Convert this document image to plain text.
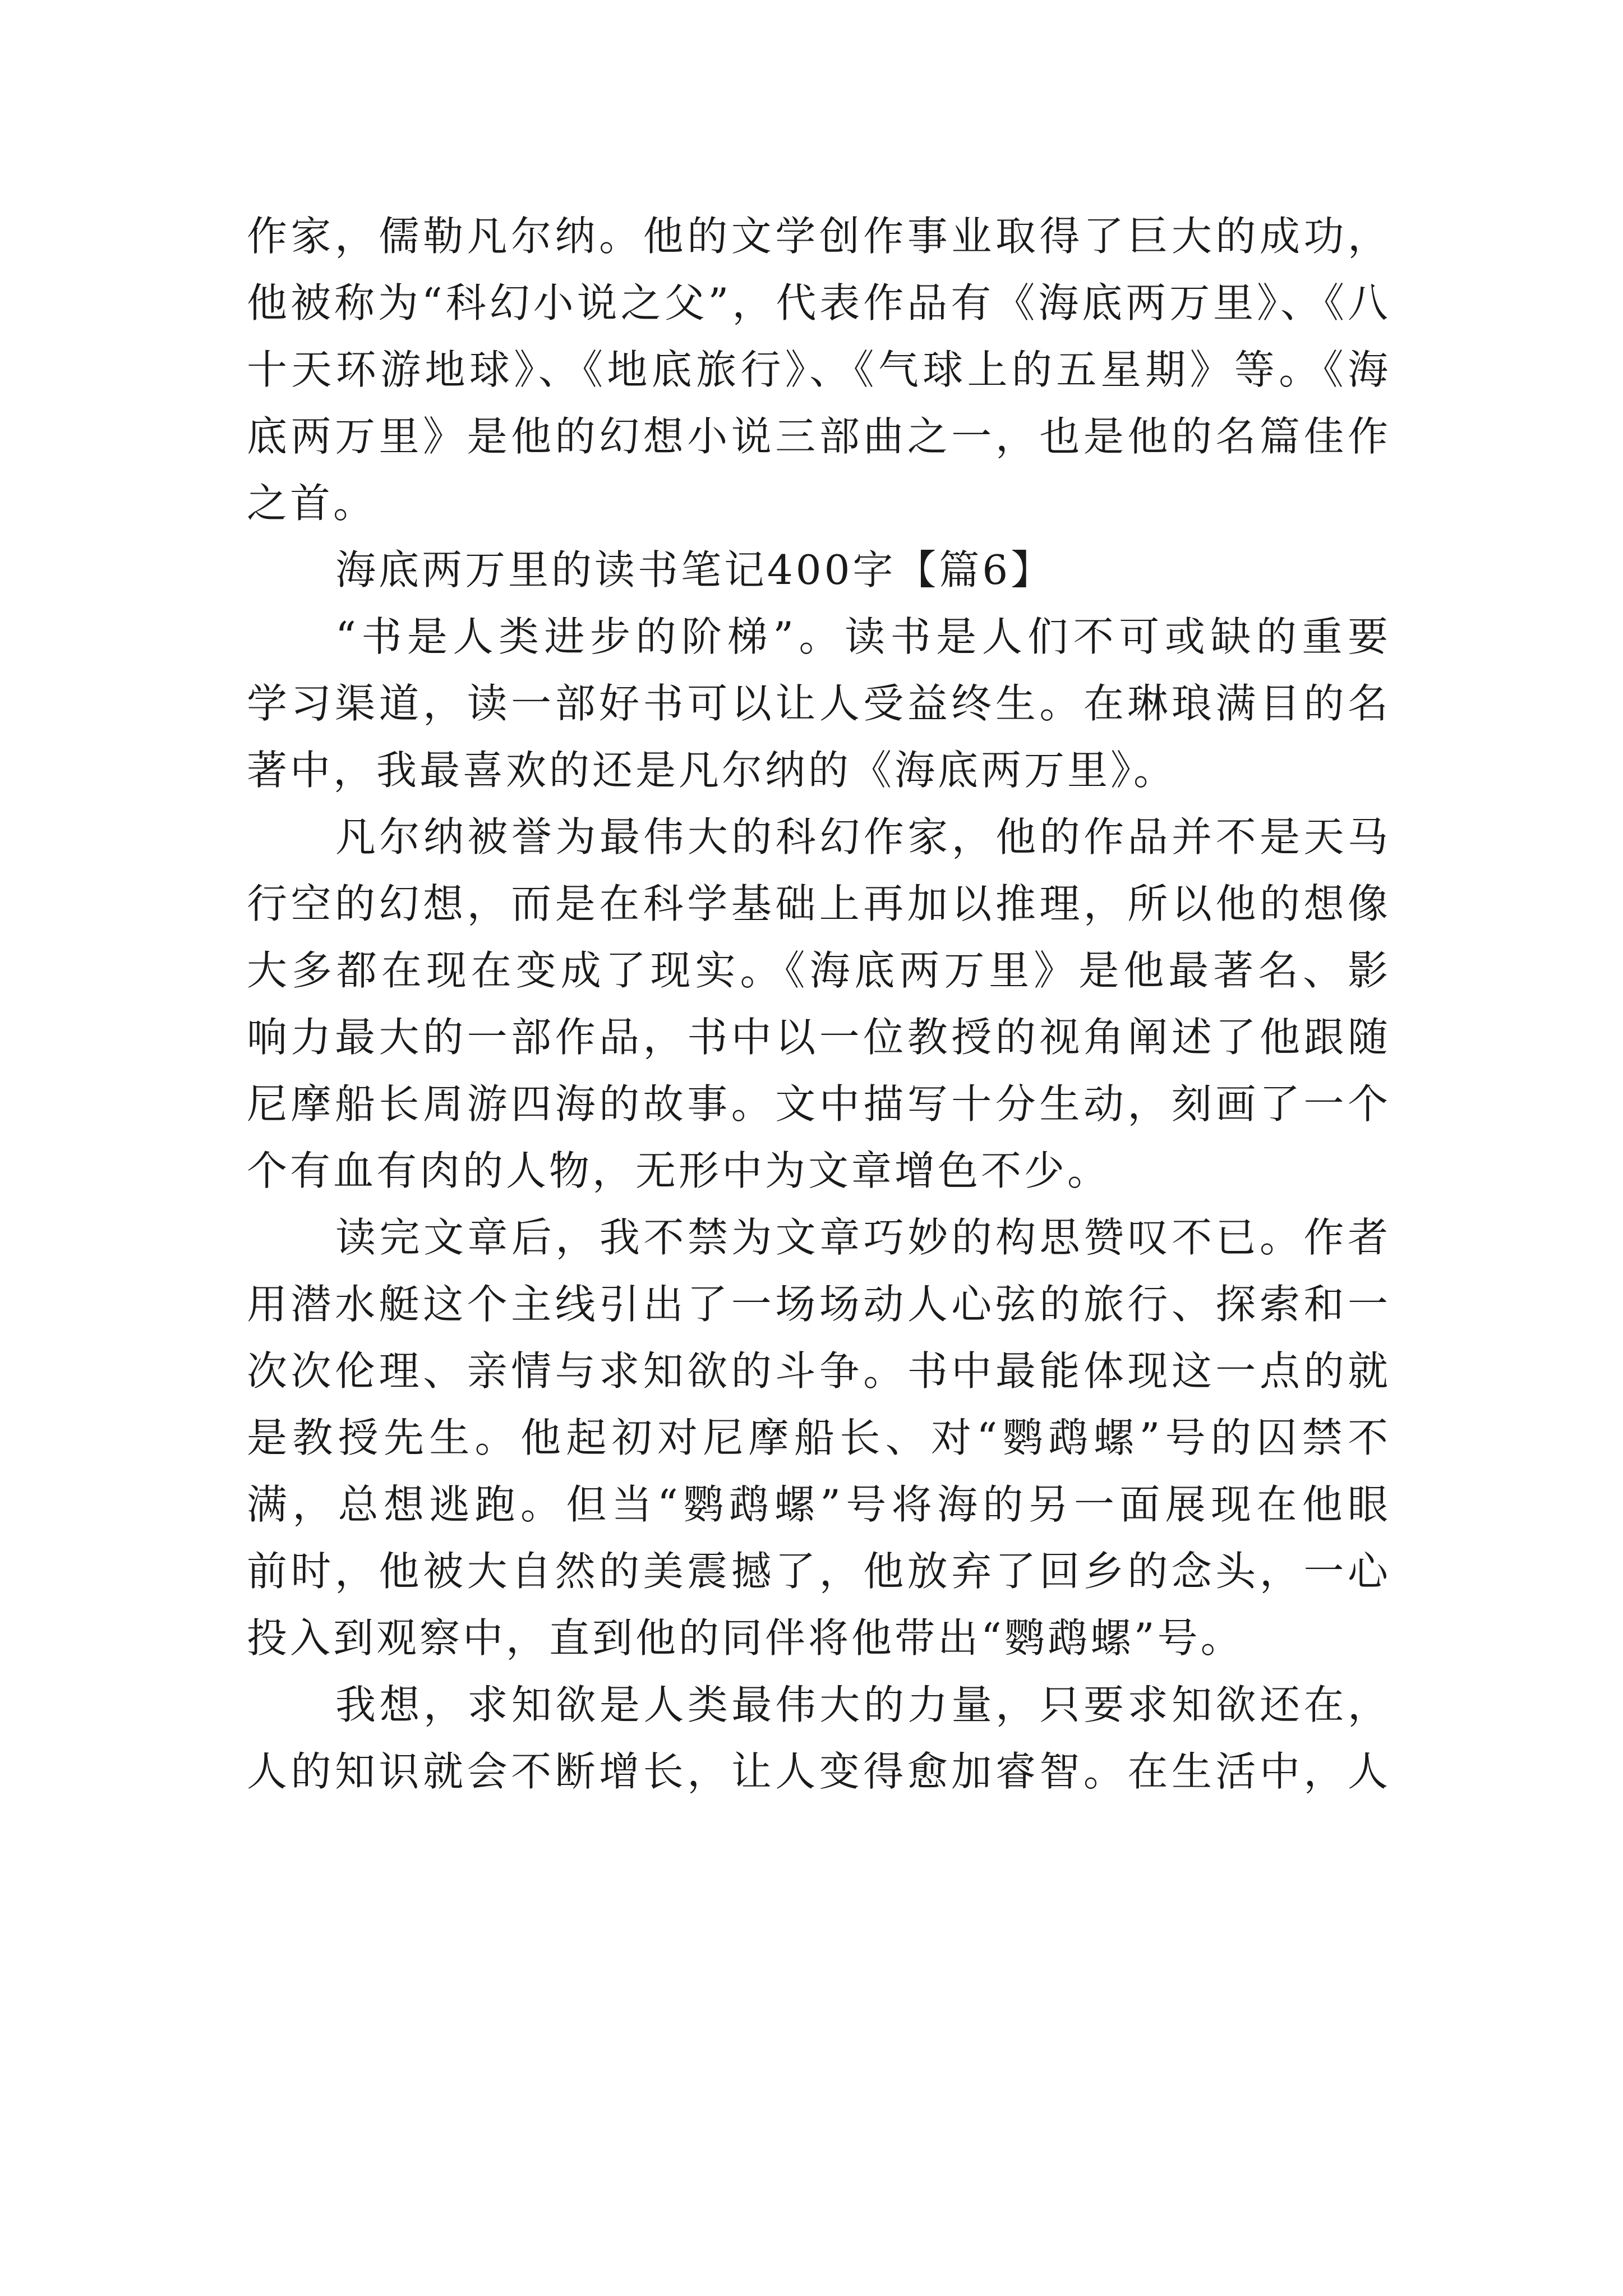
作家，儒勒凡尔纳。他的文学创作事业取得了巨大的成功，
他被称为“科幻小说之父”，代表作品有《海底两万里》、《八
十天环游地球》、《地底旅行》、《气球上的五星期》等。《海
底两万里》是他的幻想小说三部曲之一，也是他的名篇佳作
之首。
海底两万里的读书笔记400字【篇6】
“书是人类进步的阶梯”。读书是人们不可或缺的重要
学习渠道，读一部好书可以让人受益终生。在琳琅满目的名
著中，我最喜欢的还是凡尔纳的《海底两万里》。
凡尔纳被誉为最伟大的科幻作家，他的作品并不是天马
行空的幻想，而是在科学基础上再加以推理，所以他的想像
大多都在现在变成了现实。《海底两万里》是他最著名、影
响力最大的一部作品，书中以一位教授的视角阐述了他跟随
尼摩船长周游四海的故事。文中描写十分生动，刻画了一个
个有血有肉的人物，无形中为文章增色不少。
读完文章后，我不禁为文章巧妙的构思赞叹不已。作者
用潜水艇这个主线引出了一场场动人心弦的旅行、探索和一
次次伦理、亲情与求知欲的斗争。书中最能体现这一点的就
是教授先生。他起初对尼摩船长、对“鹦鹉螺”号的囚禁不
满，总想逃跑。但当“鹦鹉螺”号将海的另一面展现在他眼
前时，他被大自然的美震撼了，他放弃了回乡的念头，一心
投入到观察中，直到他的同伴将他带出“鹦鹉螺”号。
我想，求知欲是人类最伟大的力量，只要求知欲还在，
人的知识就会不断增长，让人变得愈加睿智。在生活中，人
